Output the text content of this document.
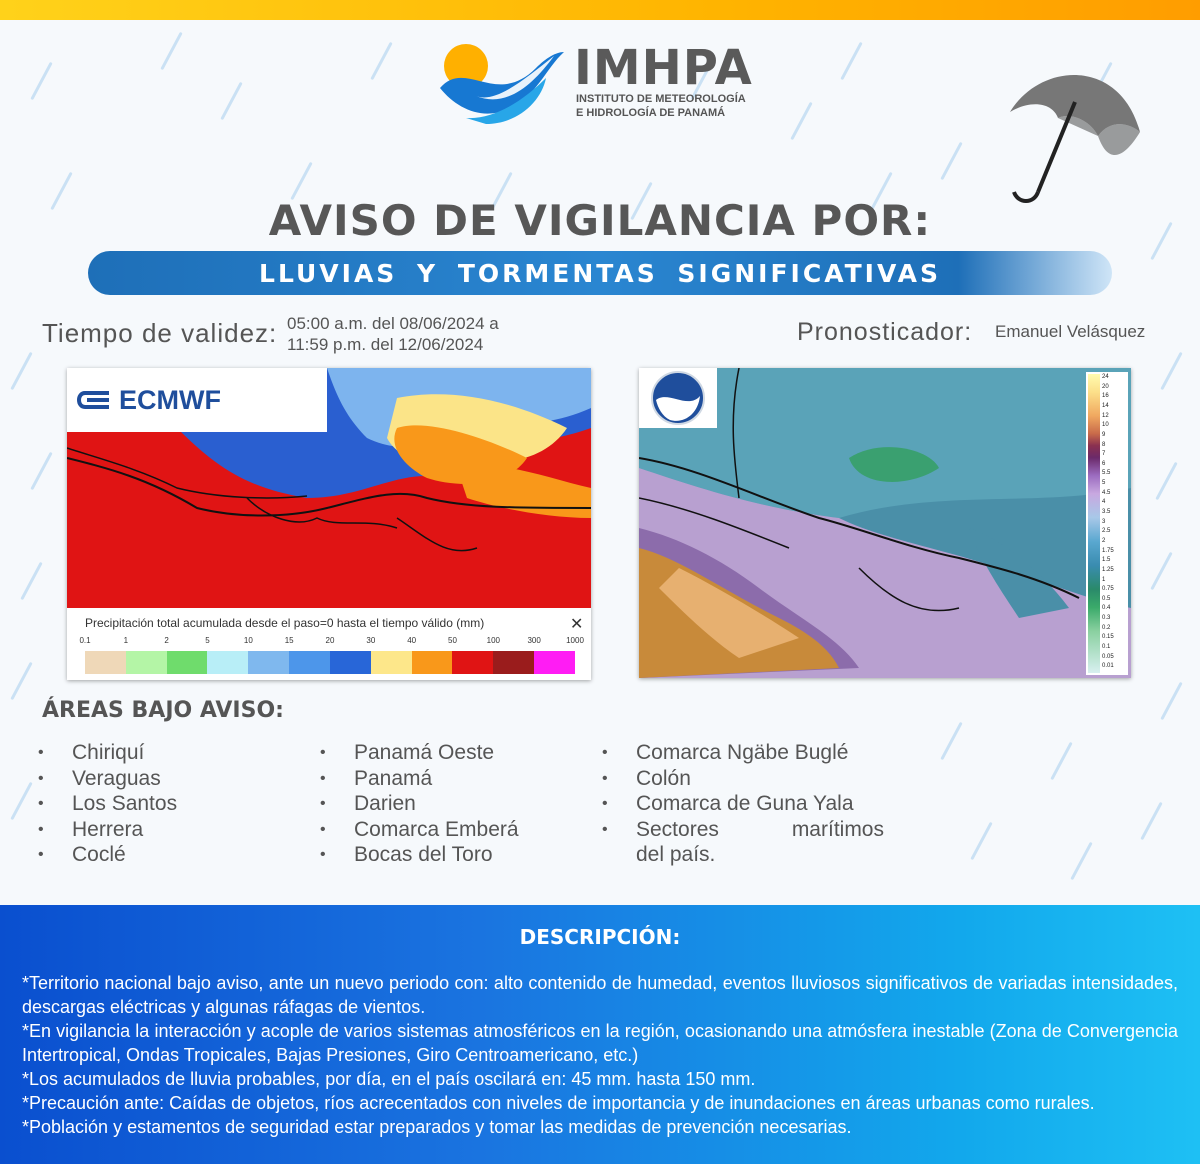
IMHPA
INSTITUTO DE METEOROLOGÍA
E HIDROLOGÍA DE PANAMÁ
AVISO DE VIGILANCIA POR:
LLUVIAS Y TORMENTAS SIGNIFICATIVAS
Tiempo de validez: 05:00 a.m. del 08/06/2024 a
11:59 p.m. del 12/06/2024	Pronosticador: Emanuel Velásquez
ECMWF
Precipitación total acumulada desde el paso=0 hasta el tiempo válido (mm)	✕
0.1	1	2	5	10	15	20	30	40	50	100	300	1000
24
20
16
14
12
10
9
8
7
6
5.5
5
4.5
4
3.5
3
2.5
2
1.75
1.5
1.25
1
0.75
0.5
0.4
0.3
0.2
0.15
0.1
0.05
0.01
ÁREAS BAJO AVISO:
• Chiriquí
• Veraguas
• Los Santos
• Herrera
• Coclé
• Panamá Oeste
• Panamá
• Darien
• Comarca Emberá
• Bocas del Toro
• Comarca Ngäbe Buglé
• Colón
• Comarca de Guna Yala
• Sectores	marítimos
del país.
DESCRIPCIÓN:

*Territorio nacional bajo aviso, ante un nuevo periodo con: alto contenido de humedad, eventos lluviosos significativos de variadas intensidades, descargas eléctricas y algunas ráfagas de vientos.

*En vigilancia la interacción y acople de varios sistemas atmosféricos en la región, ocasionando una atmósfera inestable (Zona de Convergencia Intertropical, Ondas Tropicales, Bajas Presiones, Giro Centroamericano, etc.)

*Los acumulados de lluvia probables, por día, en el país oscilará en: 45 mm. hasta 150 mm.

*Precaución ante: Caídas de objetos, ríos acrecentados con niveles de importancia y de inundaciones en áreas urbanas como rurales.

*Población y estamentos de seguridad estar preparados y tomar las medidas de prevención necesarias.
